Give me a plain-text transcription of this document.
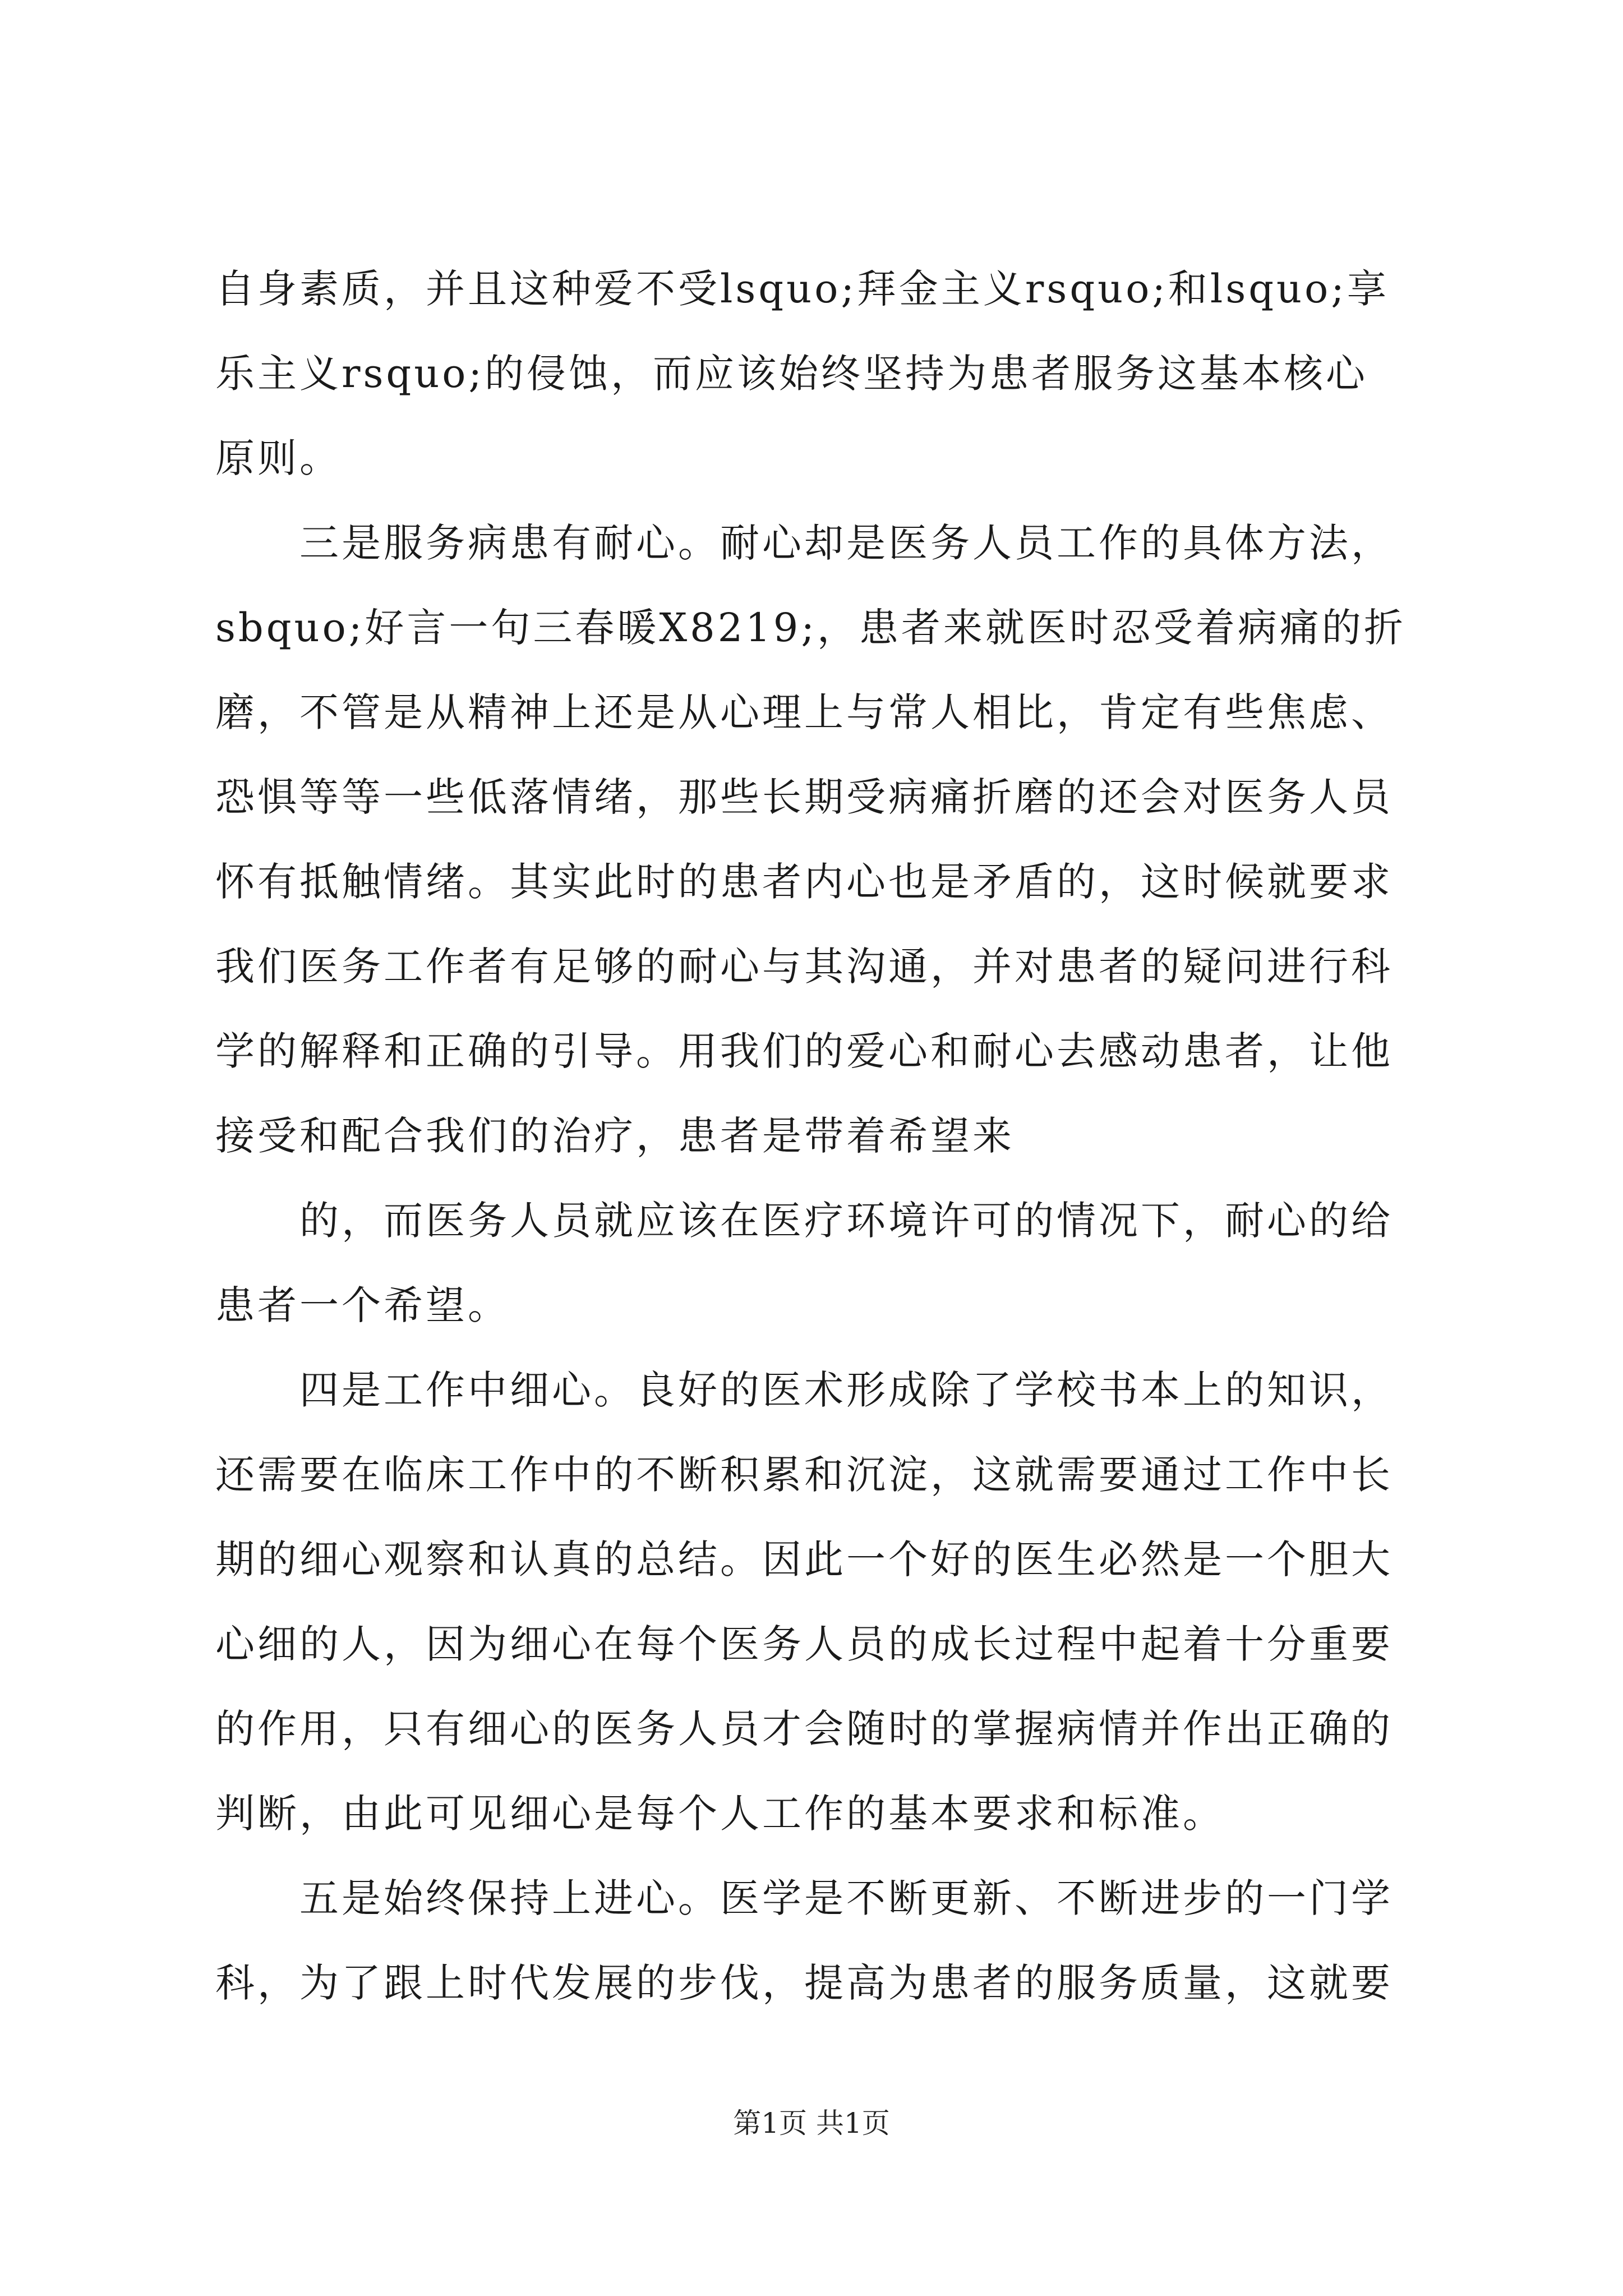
自身素质，并且这种爱不受lsquo;拜金主义rsquo;和lsquo;享
乐主义rsquo;的侵蚀，而应该始终坚持为患者服务这基本核心
原则。
三是服务病患有耐心。耐心却是医务人员工作的具体方法，
sbquo;好言一句三春暖X8219;，患者来就医时忍受着病痛的折
磨，不管是从精神上还是从心理上与常人相比，肯定有些焦虑、
恐惧等等一些低落情绪，那些长期受病痛折磨的还会对医务人员
怀有抵触情绪。其实此时的患者内心也是矛盾的，这时候就要求
我们医务工作者有足够的耐心与其沟通，并对患者的疑问进行科
学的解释和正确的引导。用我们的爱心和耐心去感动患者，让他
接受和配合我们的治疗，患者是带着希望来
的，而医务人员就应该在医疗环境许可的情况下，耐心的给
患者一个希望。
四是工作中细心。良好的医术形成除了学校书本上的知识，
还需要在临床工作中的不断积累和沉淀，这就需要通过工作中长
期的细心观察和认真的总结。因此一个好的医生必然是一个胆大
心细的人，因为细心在每个医务人员的成长过程中起着十分重要
的作用，只有细心的医务人员才会随时的掌握病情并作出正确的
判断，由此可见细心是每个人工作的基本要求和标准。
五是始终保持上进心。医学是不断更新、不断进步的一门学
科，为了跟上时代发展的步伐，提高为患者的服务质量，这就要
第1页 共1页
